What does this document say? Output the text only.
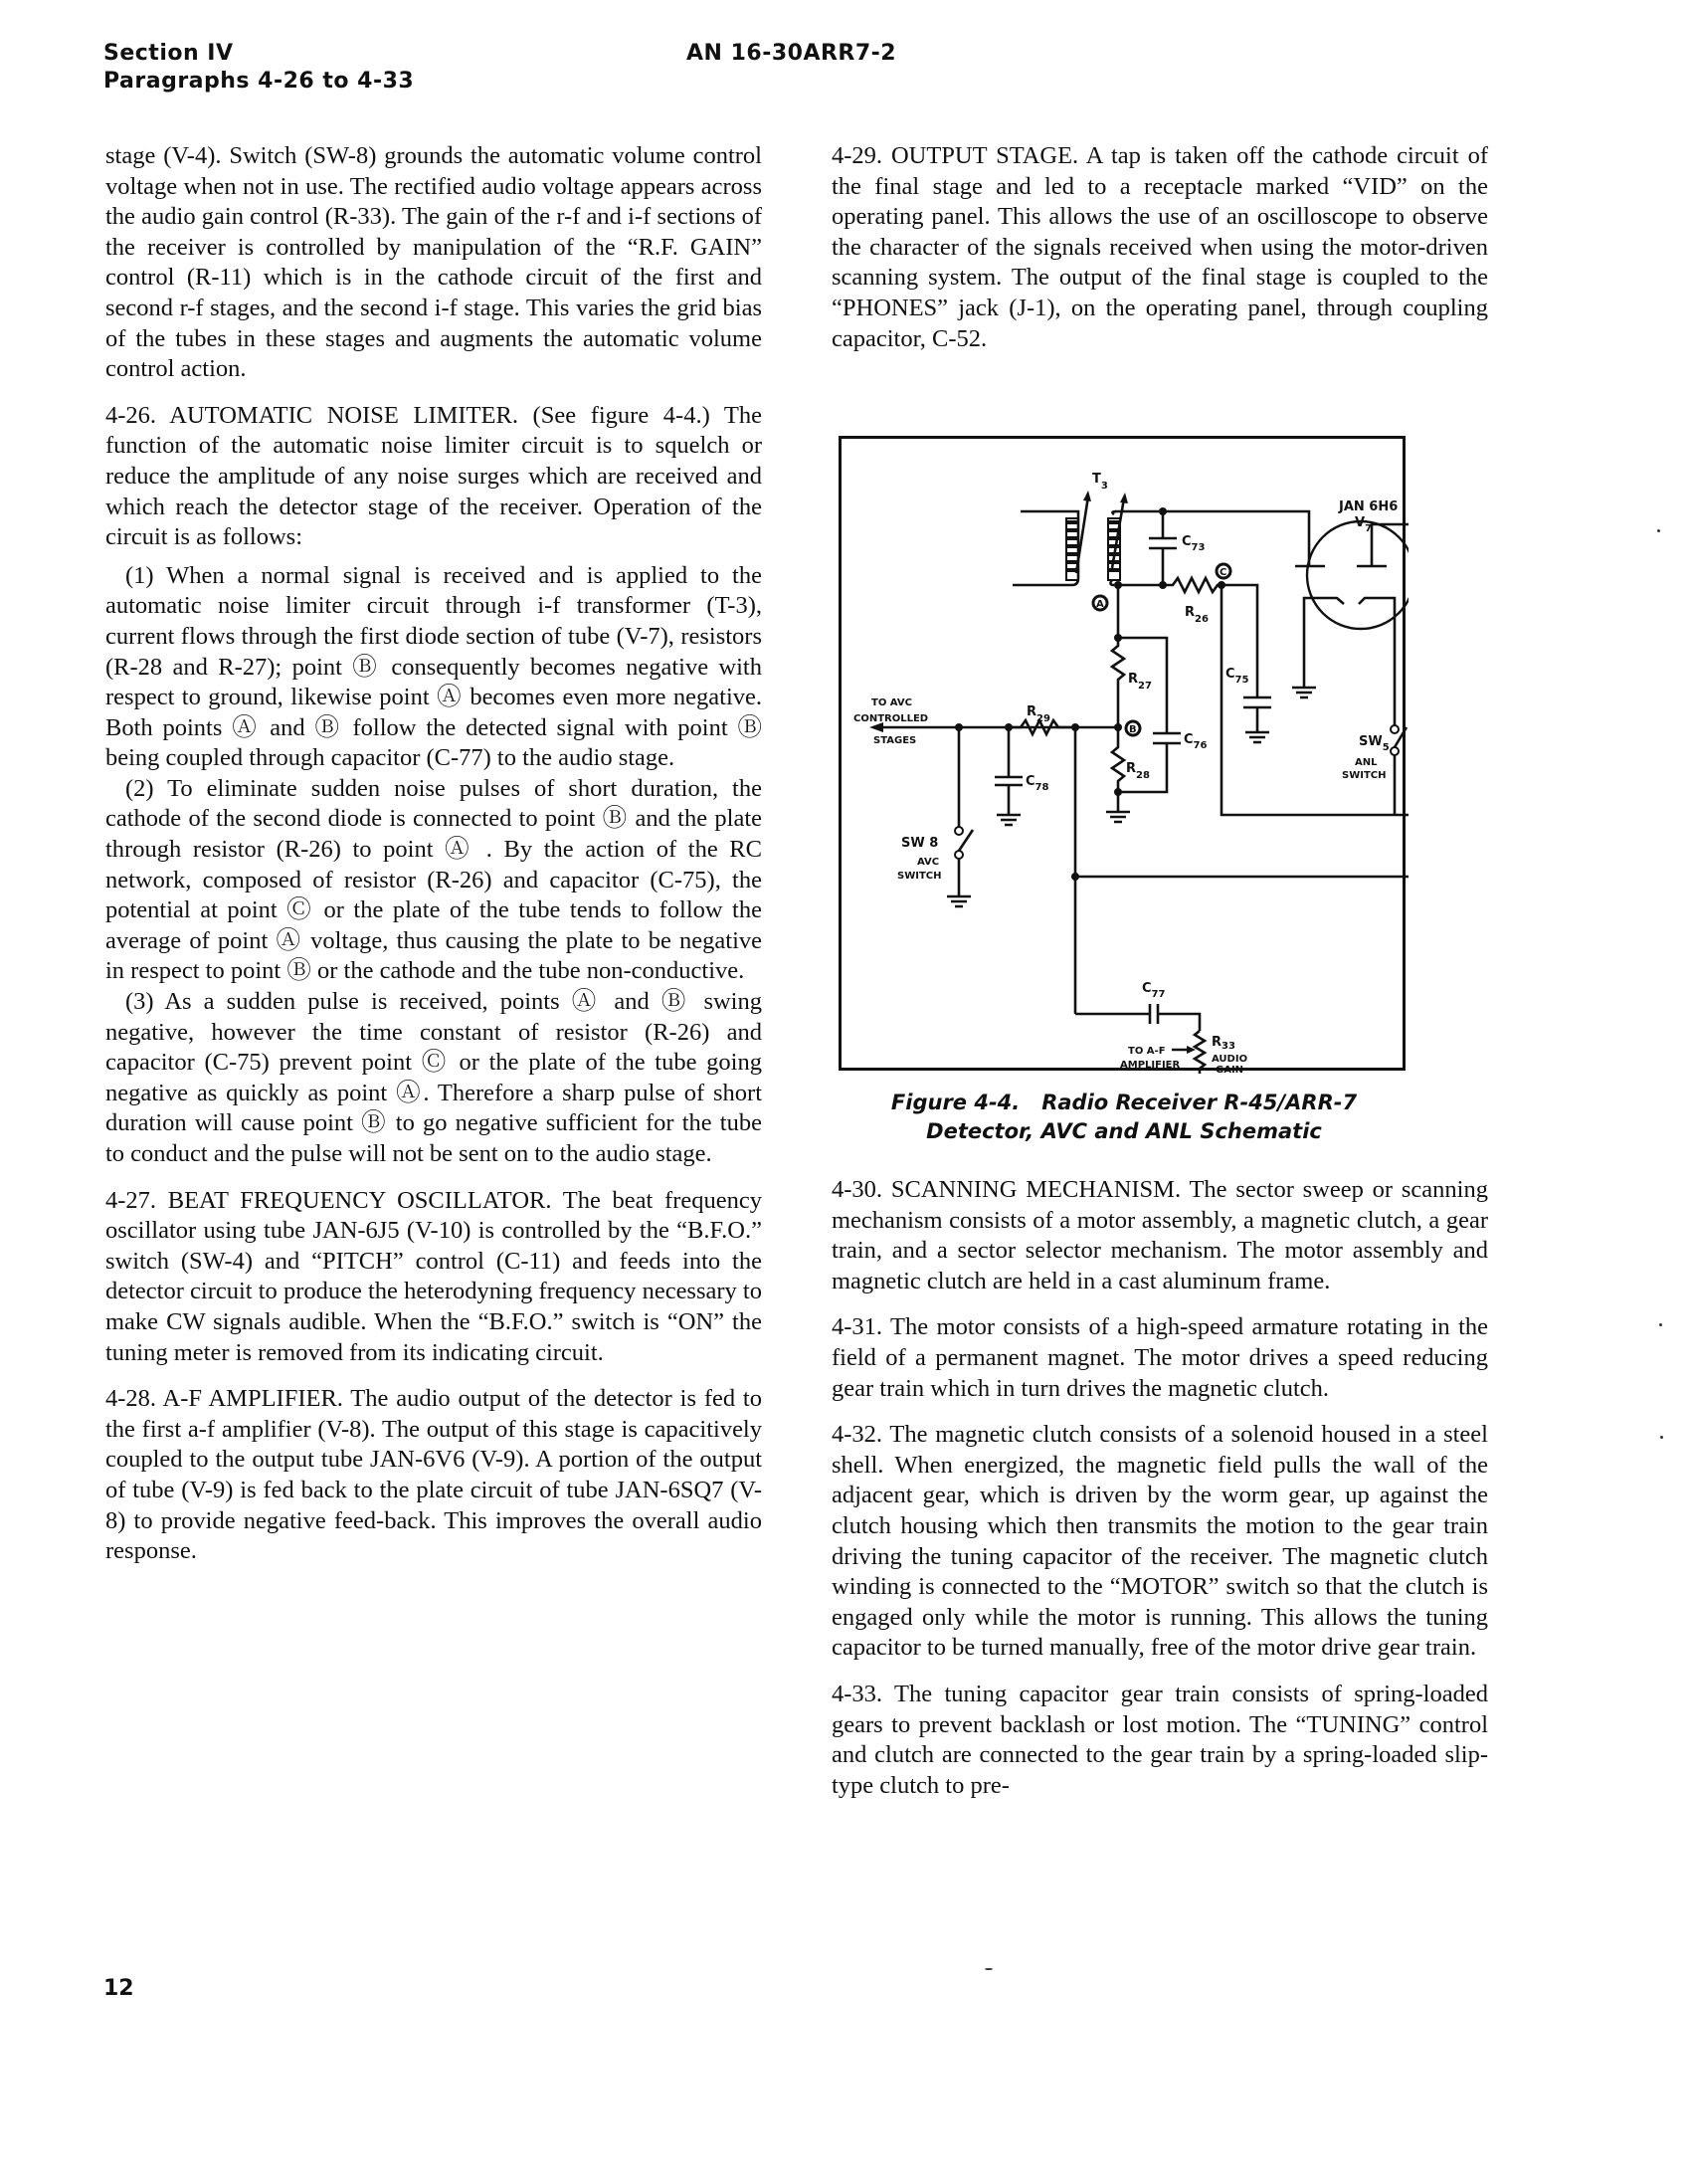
Section IV
Paragraphs 4-26 to 4-33
AN 16-30ARR7-2

stage (V-4). Switch (SW-8) grounds the automatic volume control voltage when not in use. The rectified audio voltage appears across the audio gain control (R-33). The gain of the r-f and i-f sections of the receiver is controlled by manipulation of the “R.F. GAIN” control (R-11) which is in the cathode circuit of the first and second r-f stages, and the second i-f stage. This varies the grid bias of the tubes in these stages and augments the automatic volume control action.

4-26. AUTOMATIC NOISE LIMITER. (See figure 4-4.) The function of the automatic noise limiter circuit is to squelch or reduce the amplitude of any noise surges which are received and which reach the detector stage of the receiver. Operation of the circuit is as follows:

(1) When a normal signal is received and is applied to the automatic noise limiter circuit through i-f transformer (T-3), current flows through the first diode section of tube (V-7), resistors (R-28 and R-27); point Ⓑ consequently becomes negative with respect to ground, likewise point Ⓐ becomes even more negative. Both points Ⓐ and Ⓑ follow the detected signal with point Ⓑ being coupled through capacitor (C-77) to the audio stage.

(2) To eliminate sudden noise pulses of short duration, the cathode of the second diode is connected to point Ⓑ and the plate through resistor (R-26) to point Ⓐ . By the action of the RC network, composed of resistor (R-26) and capacitor (C-75), the potential at point Ⓒ or the plate of the tube tends to follow the average of point Ⓐ voltage, thus causing the plate to be negative in respect to point Ⓑ or the cathode and the tube non-conductive.

(3) As a sudden pulse is received, points Ⓐ and Ⓑ swing negative, however the time constant of resistor (R-26) and capacitor (C-75) prevent point Ⓒ or the plate of the tube going negative as quickly as point Ⓐ. Therefore a sharp pulse of short duration will cause point Ⓑ to go negative sufficient for the tube to conduct and the pulse will not be sent on to the audio stage.

4-27. BEAT FREQUENCY OSCILLATOR. The beat frequency oscillator using tube JAN-6J5 (V-10) is controlled by the “B.F.O.” switch (SW-4) and “PITCH” control (C-11) and feeds into the detector circuit to produce the heterodyning frequency necessary to make CW signals audible. When the “B.F.O.” switch is “ON” the tuning meter is removed from its indicating circuit.

4-28. A-F AMPLIFIER. The audio output of the detector is fed to the first a-f amplifier (V-8). The output of this stage is capacitively coupled to the output tube JAN-6V6 (V-9). A portion of the output of tube (V-9) is fed back to the plate circuit of tube JAN-6SQ7 (V-8) to provide negative feed-back. This improves the overall audio response.

4-29. OUTPUT STAGE. A tap is taken off the cathode circuit of the final stage and led to a receptacle marked “VID” on the operating panel. This allows the use of an oscilloscope to observe the character of the signals received when using the motor-driven scanning system. The output of the final stage is coupled to the “PHONES” jack (J-1), on the operating panel, through coupling capacitor, C-52.

$T_3$
$C_{73}$
$R_{26}$
C
$C_{75}$
JAN 6H6
$V_7$
$SW_5$
ANL
SWITCH
A
$R_{27}$
$C_{76}$
B
$R_{28}$
$R_{29}$
TO AVC
CONTROLLED
STAGES
$C_{78}$
SW 8
AVC
SWITCH
$C_{77}$
TO A-F
AMPLIFIER
$R_{33}$
AUDIO
GAIN
Figure 4-4.   Radio Receiver R-45/ARR-7
Detector, AVC and ANL Schematic

4-30. SCANNING MECHANISM. The sector sweep or scanning mechanism consists of a motor assembly, a magnetic clutch, a gear train, and a sector selector mechanism. The motor assembly and magnetic clutch are held in a cast aluminum frame.

4-31. The motor consists of a high-speed armature rotating in the field of a permanent magnet. The motor drives a speed reducing gear train which in turn drives the magnetic clutch.

4-32. The magnetic clutch consists of a solenoid housed in a steel shell. When energized, the magnetic field pulls the wall of the adjacent gear, which is driven by the worm gear, up against the clutch housing which then transmits the motion to the gear train driving the tuning capacitor of the receiver. The magnetic clutch winding is connected to the “MOTOR” switch so that the clutch is engaged only while the motor is running. This allows the tuning capacitor to be turned manually, free of the motor drive gear train.

4-33. The tuning capacitor gear train consists of spring-loaded gears to prevent backlash or lost motion. The “TUNING” control and clutch are connected to the gear train by a spring-loaded slip-type clutch to pre-

12
